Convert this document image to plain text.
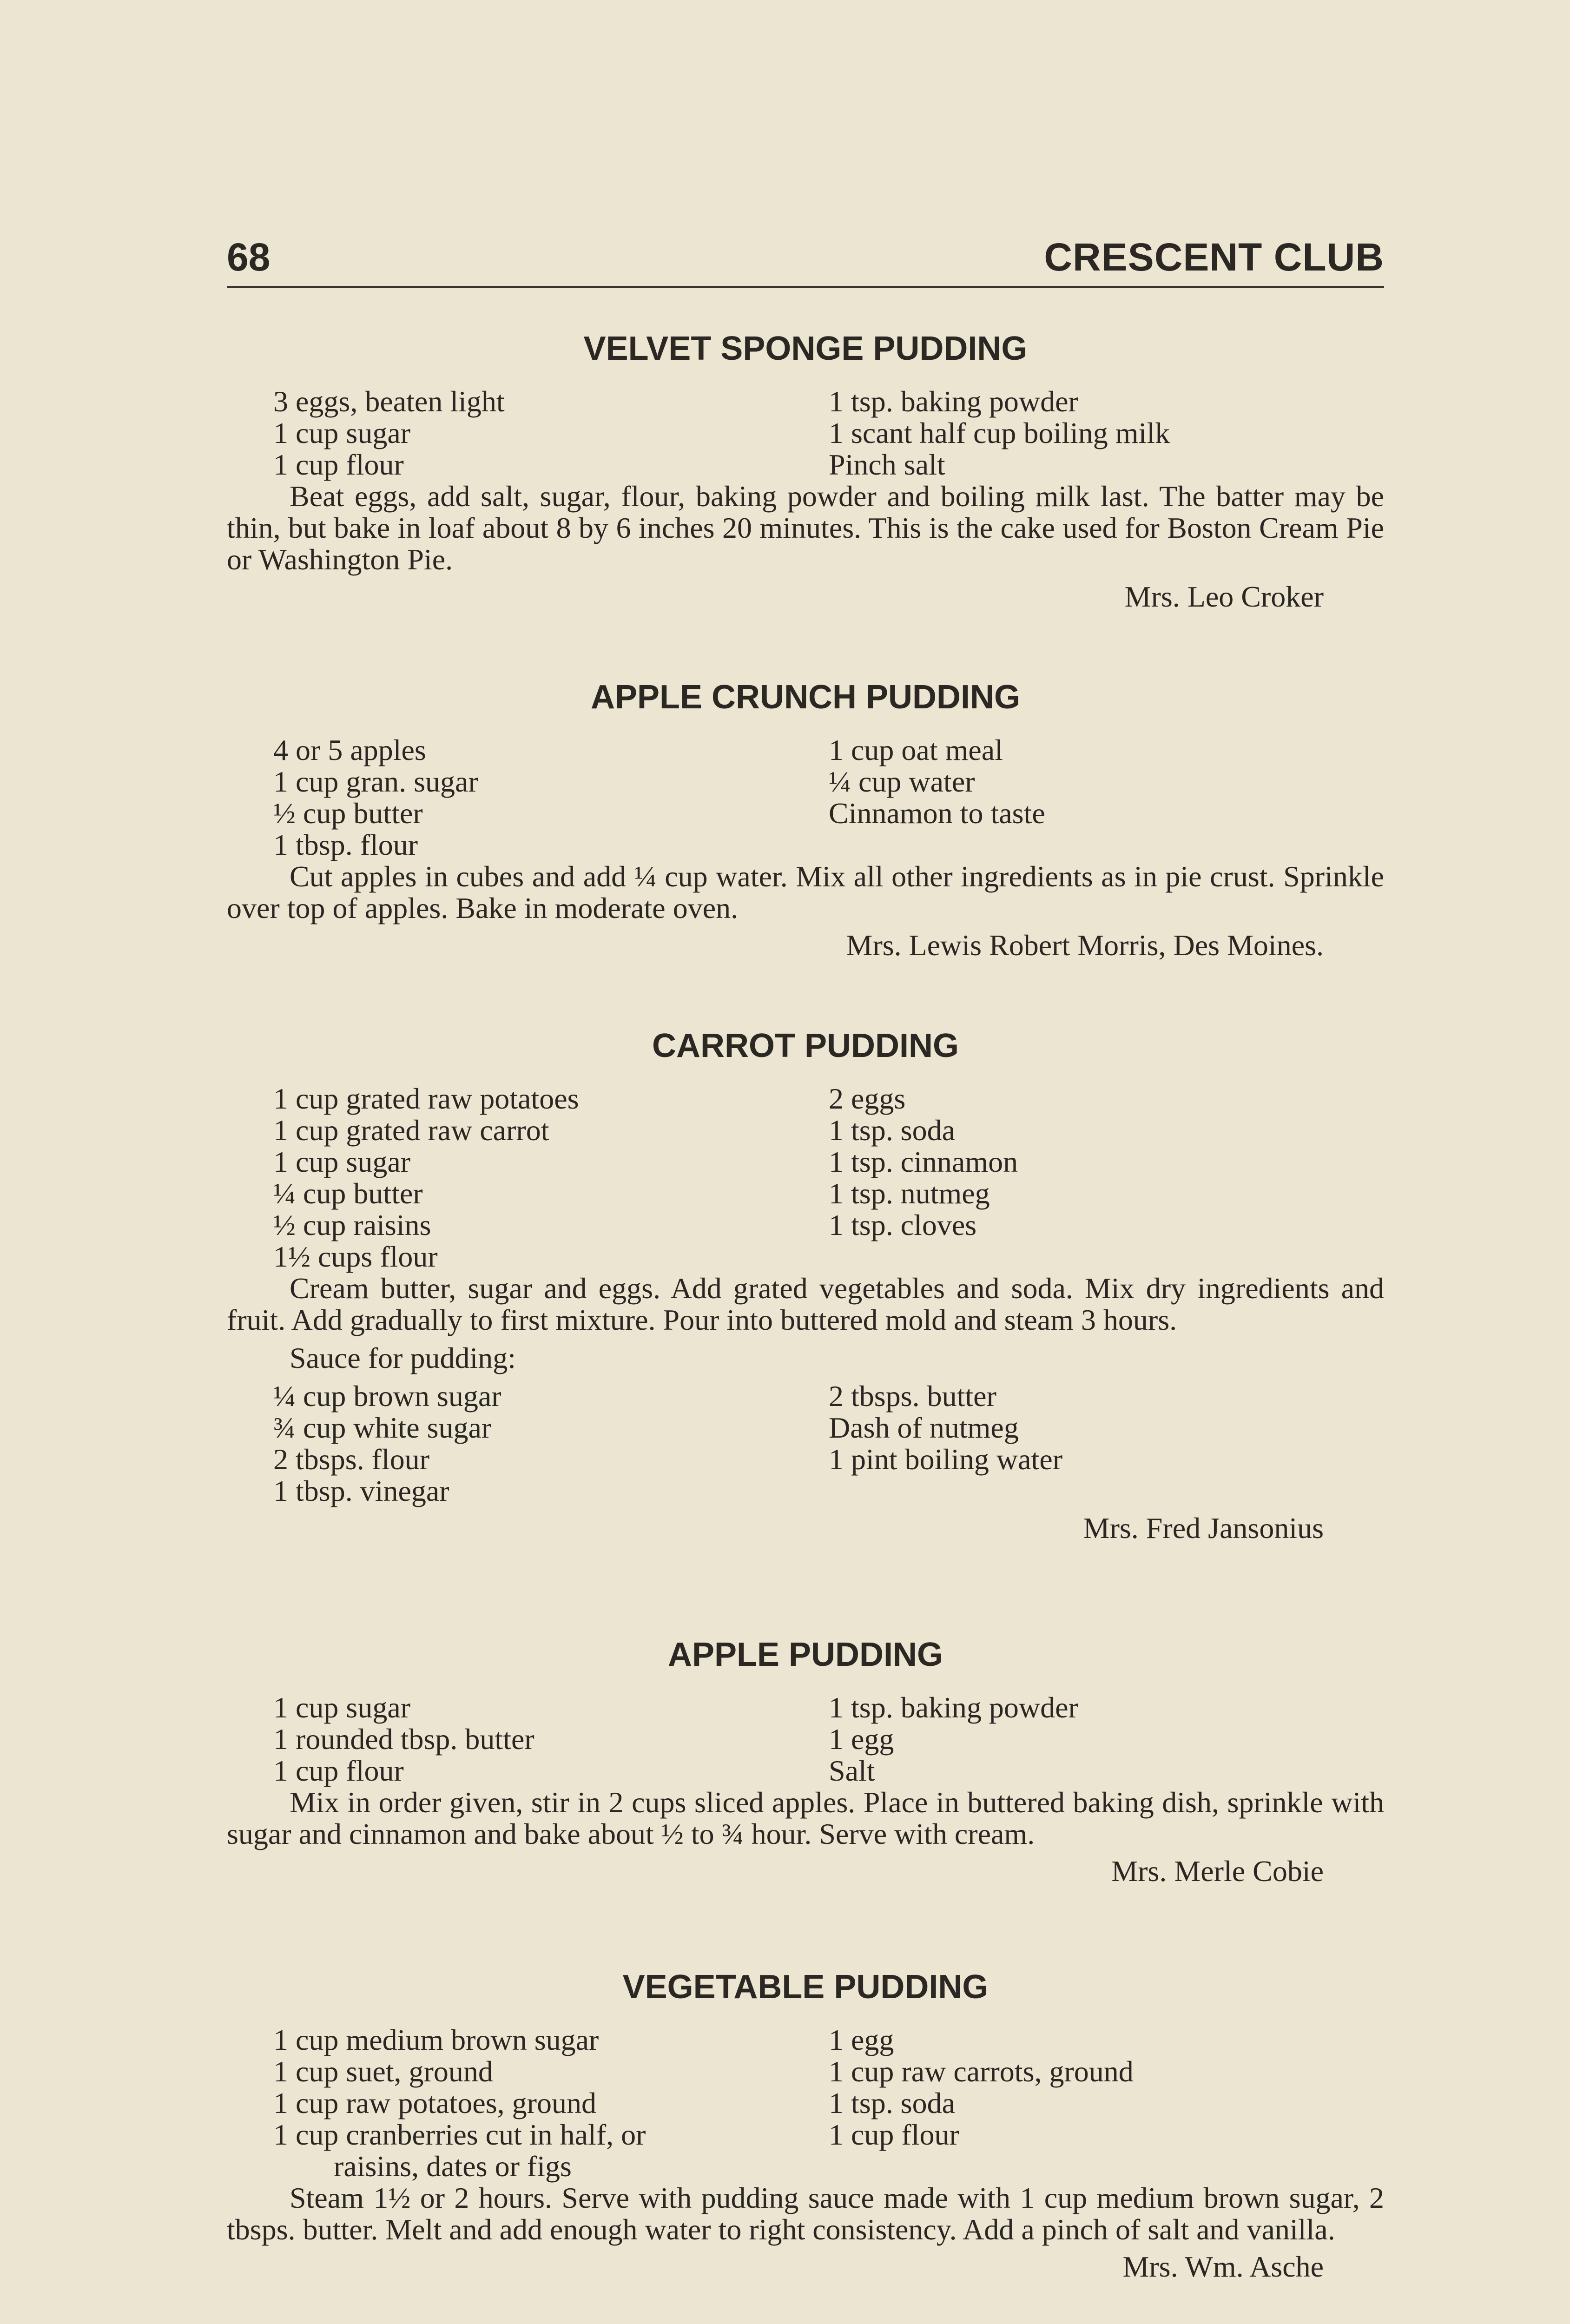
68	CRESCENT CLUB
VELVET SPONGE PUDDING
3 eggs, beaten light
1 cup sugar
1 cup flour
1 tsp. baking powder
1 scant half cup boiling milk
Pinch salt
Beat eggs, add salt, sugar, flour, baking powder and boiling milk last. The batter may be thin, but bake in loaf about 8 by 6 inches 20 minutes. This is the cake used for Boston Cream Pie or Washington Pie.
Mrs. Leo Croker
APPLE CRUNCH PUDDING
4 or 5 apples
1 cup gran. sugar
½ cup butter
1 tbsp. flour
1 cup oat meal
¼ cup water
Cinnamon to taste
Cut apples in cubes and add ¼ cup water. Mix all other ingredients as in pie crust. Sprinkle over top of apples. Bake in moderate oven.
Mrs. Lewis Robert Morris, Des Moines.
CARROT PUDDING
1 cup grated raw potatoes
1 cup grated raw carrot
1 cup sugar
¼ cup butter
½ cup raisins
1½ cups flour
2 eggs
1 tsp. soda
1 tsp. cinnamon
1 tsp. nutmeg
1 tsp. cloves
Cream butter, sugar and eggs. Add grated vegetables and soda. Mix dry ingredients and fruit. Add gradually to first mixture. Pour into buttered mold and steam 3 hours.
Sauce for pudding:
¼ cup brown sugar
¾ cup white sugar
2 tbsps. flour
1 tbsp. vinegar
2 tbsps. butter
Dash of nutmeg
1 pint boiling water
Mrs. Fred Jansonius
APPLE PUDDING
1 cup sugar
1 rounded tbsp. butter
1 cup flour
1 tsp. baking powder
1 egg
Salt
Mix in order given, stir in 2 cups sliced apples. Place in buttered baking dish, sprinkle with sugar and cinnamon and bake about ½ to ¾ hour. Serve with cream.
Mrs. Merle Cobie
VEGETABLE PUDDING
1 cup medium brown sugar
1 cup suet, ground
1 cup raw potatoes, ground
1 cup cranberries cut in half, or
raisins, dates or figs
1 egg
1 cup raw carrots, ground
1 tsp. soda
1 cup flour
Steam 1½ or 2 hours. Serve with pudding sauce made with 1 cup medium brown sugar, 2 tbsps. butter. Melt and add enough water to right consistency. Add a pinch of salt and vanilla.
Mrs. Wm. Asche
